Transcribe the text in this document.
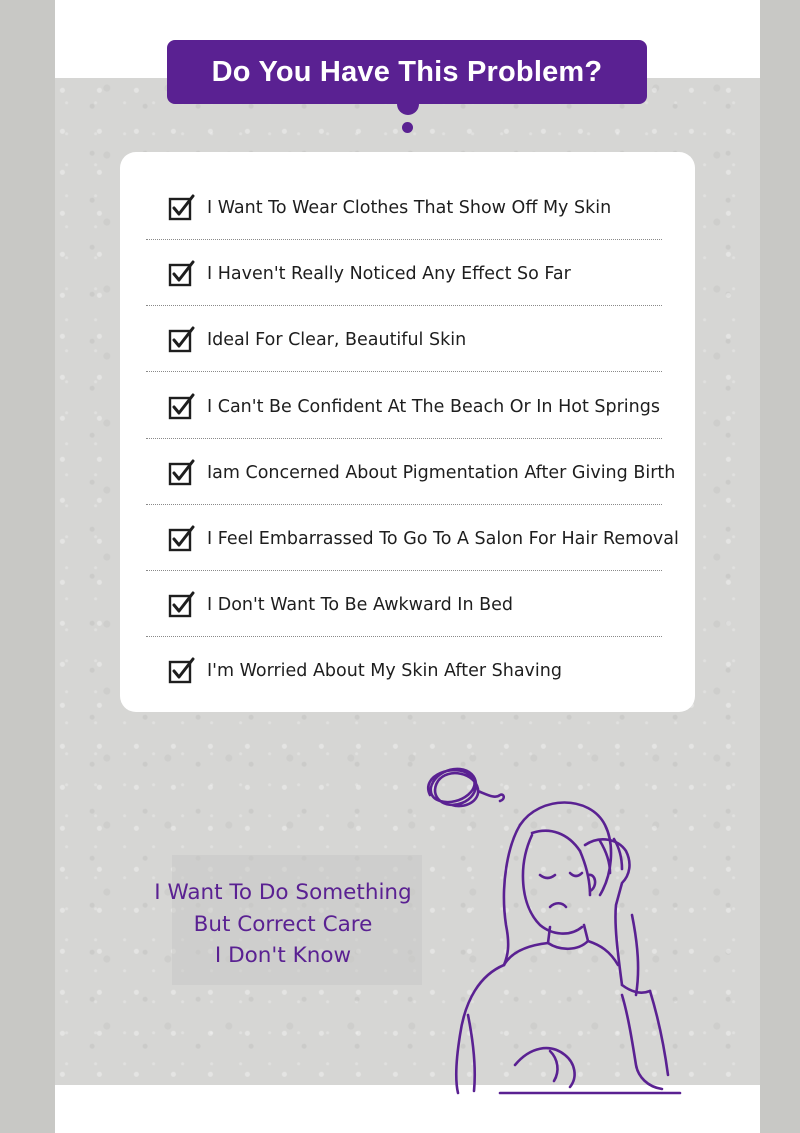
Do You Have This Problem?
I Want To Wear Clothes That Show Off My Skin
I Haven't Really Noticed Any Effect So Far
Ideal For Clear, Beautiful Skin
I Can't Be Confident At The Beach Or In Hot Springs
Iam Concerned About Pigmentation After Giving Birth
I Feel Embarrassed To Go To A Salon For Hair Removal
I Don't Want To Be Awkward In Bed
I'm Worried About My Skin After Shaving
I Want To Do Something
But Correct Care
I Don't Know
